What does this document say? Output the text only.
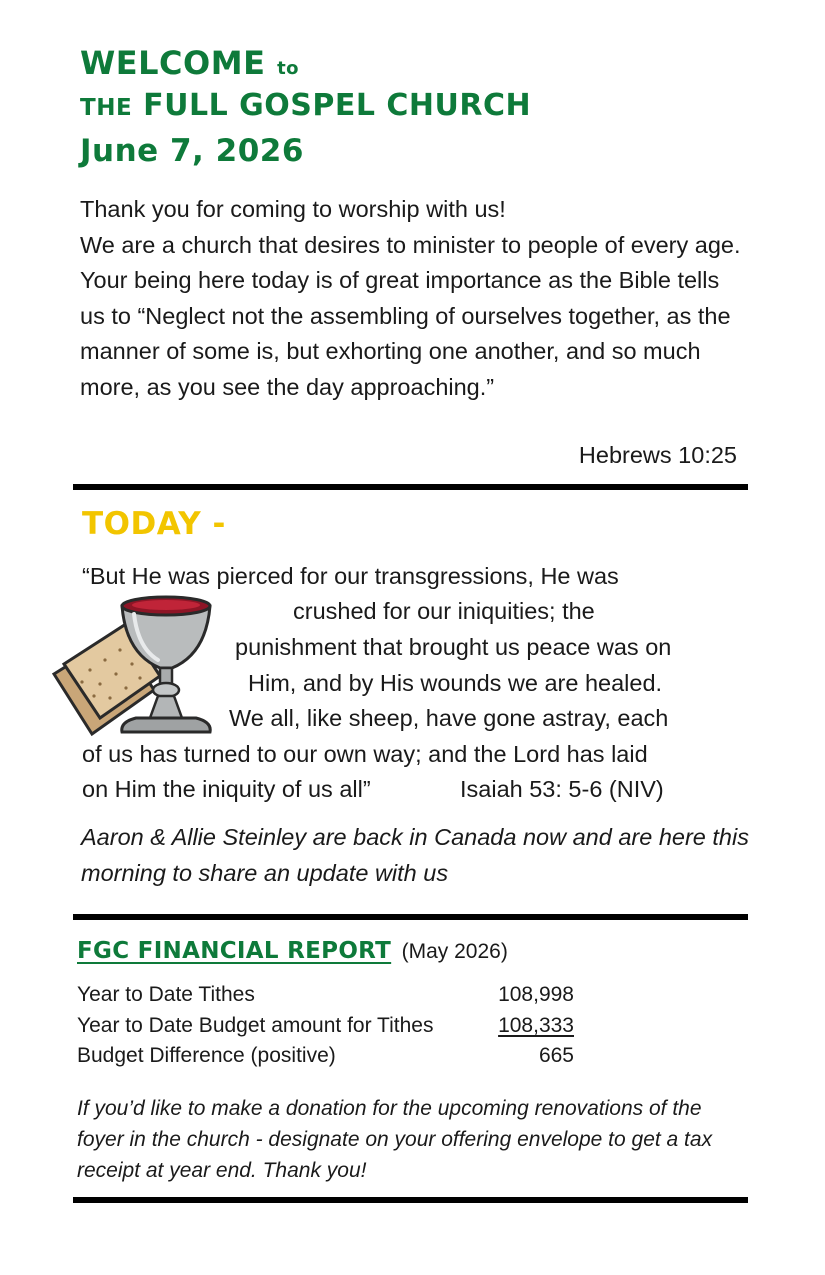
WELCOME to
THE FULL GOSPEL CHURCH
June 7, 2026

Thank you for coming to worship with us!

We are a church that desires to minister to people of every age. Your being here today is of great importance as the Bible tells us to “Neglect not the assembling of ourselves together, as the manner of some is, but exhorting one another, and so much more, as you see the day approaching.”

Hebrews 10:25
TODAY -
“But He was pierced for our transgressions, He was
crushed for our iniquities; the
punishment that brought us peace was on
Him, and by His wounds we are healed.
We all, like sheep, have gone astray, each
of us has turned to our own way; and the Lord has laid
on Him the iniquity of us all”	Isaiah 53: 5-6 (NIV)
Aaron & Allie Steinley are back in Canada now and are here this morning to share an update with us
FGC FINANCIAL REPORT (May 2026)
Year to Date Tithes	108,998
Year to Date Budget amount for Tithes	108,333
Budget Difference (positive)	665
If you’d like to make a donation for the upcoming renovations of the foyer in the church - designate on your offering envelope to get a tax receipt at year end. Thank you!
